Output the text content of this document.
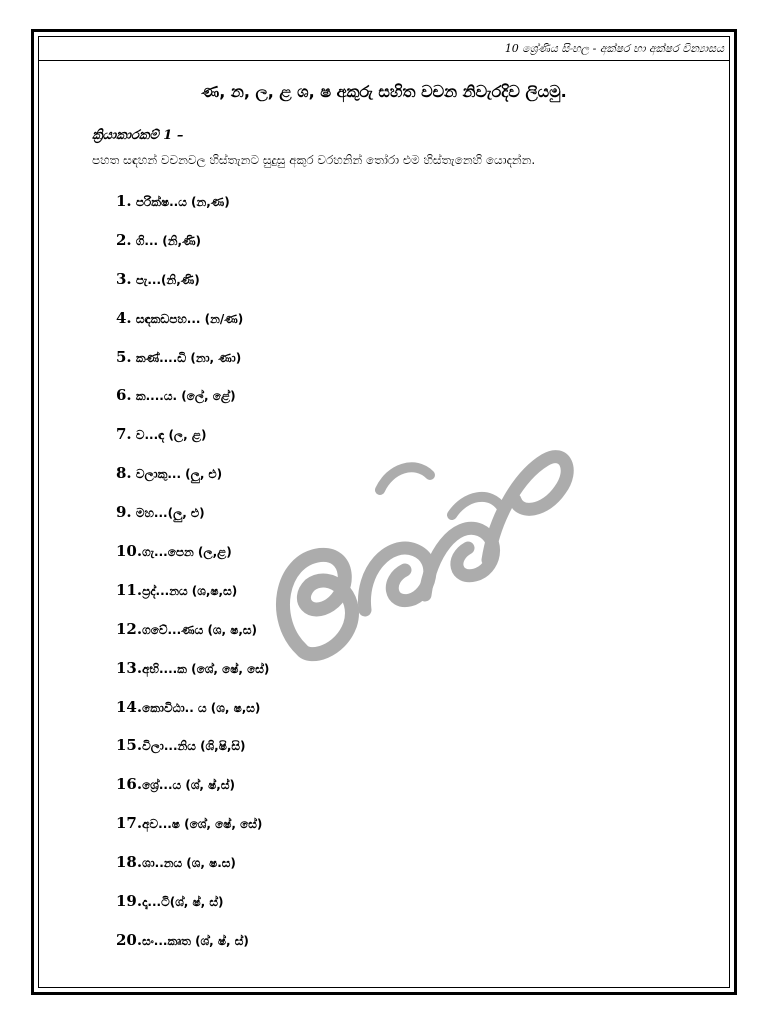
10 ශ්‍රේණිය සිංහල - අක්ෂර හා අක්ෂර වින්‍යාසය
ණ, න, ල, ළ ශ, ෂ අකුරු සහිත වචන නිවැරදිව ලියමු.
ක්‍රියාකාරකම් 1 –
පහත සඳහන් වචනවල හිස්තැනට සුදුසු අකුර වරහනින් තෝරා එම හිස්තැනෙහි යොදන්න.
1. පරික්ෂ..ය (න,ණ)
2. ගි... (නි,ණි)
3. පැ...(නි,ණි)
4. සඳකඩපහ... (න/ණ)
5. කණ්....ඩි (නා, ණා)
6. ක....ය. (ලේ, ළේ)
7. ව...ඳ (ල, ළ)
8. වලාකු... (ලු, ළු)
9. මහ...(ලු, ළු)
10.ගැ...පෙන (ල,ළ)
11.ප්‍රද්...නය (ශ,ෂ,ස)
12.ගවේ...ණය (ශ, ෂ,ස)
13.අභි....ක (ශේ, ෂේ, සේ)
14.කොවිඨා.. ය (ශ, ෂ,ස)
15.විලා...නිය (ශි,ෂි,සි)
16.ශ්‍රේ...ය (ශ්, ෂ්,ස්)
17.අව...ෂ (ශේ, ෂේ, සේ)
18.ශා..නය (ශ, ෂ.ස)
19.දෘ...ටි(ශ්, ෂ්, ස්)
20.සං...කෘත (ශ්, ෂ්, ස්)
